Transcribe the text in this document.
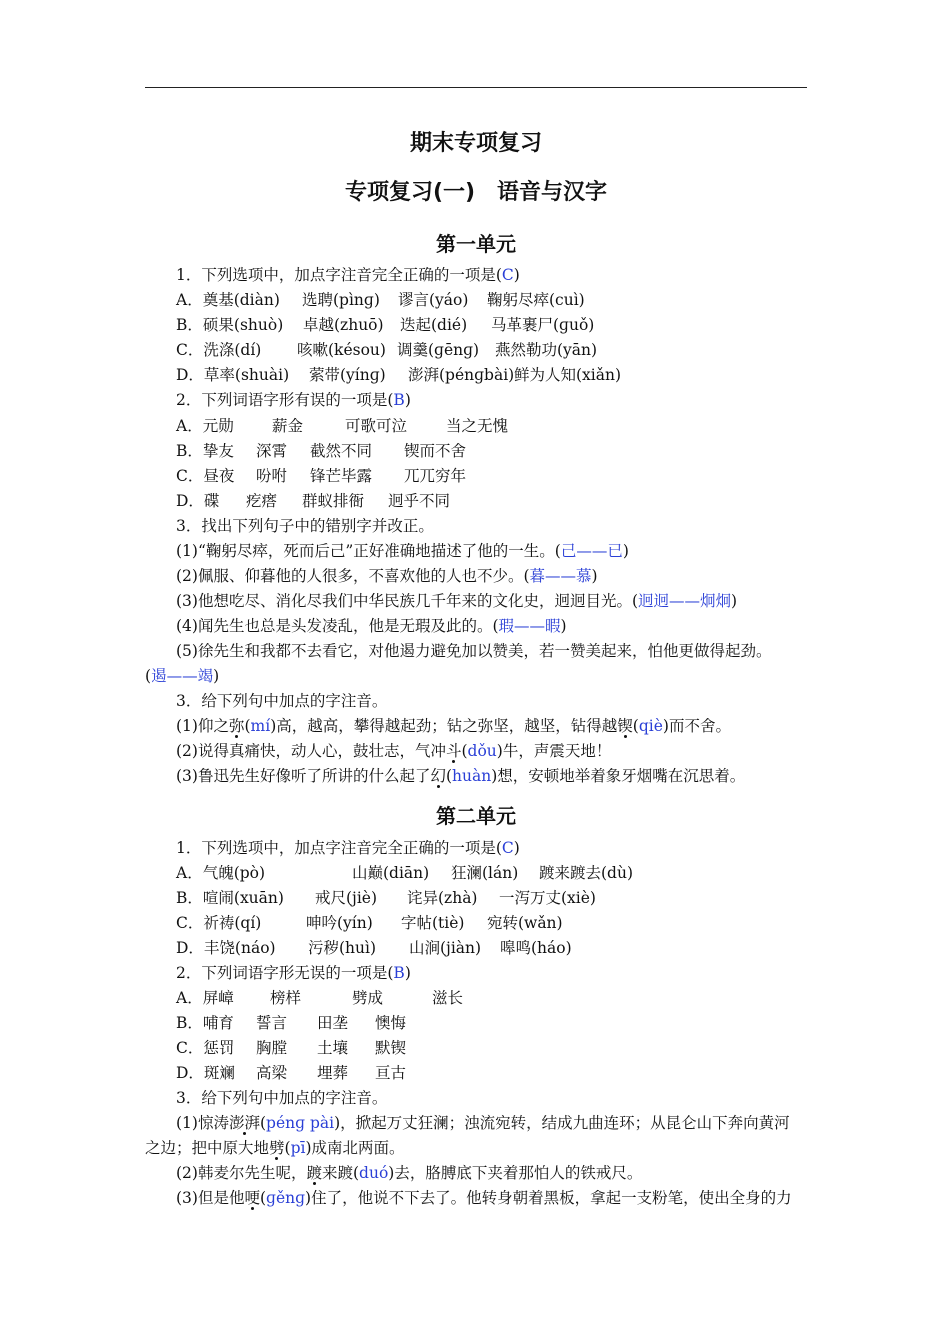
期末专项复习
专项复习(一)　语音与汉字
第一单元
1．下列选项中，加点字注音完全正确的一项是(C)
A．奠基(diàn) 选聘(pìnɡ) 谬言(yáo) 鞠躬尽瘁(cuì)
B．硕果(shuò) 卓越(zhuō) 迭起(dié) 马革裹尸(ɡuǒ)
C．洗涤(dí) 咳嗽(késou) 调羹(ɡēnɡ) 燕然勒功(yān)
D．草率(shuài) 萦带(yínɡ) 澎湃(pénɡbài)鲜为人知(xiǎn)
2．下列词语字形有误的一项是(B)
A．元勋 薪金	可歌可泣	当之无愧
B．挚友 深霄 截然不同 锲而不舍
C．昼夜 吩咐 锋芒毕露 兀兀穷年
D．碟 疙瘩 群蚁排衙 迥乎不同
3．找出下列句子中的错别字并改正。
(1)“鞠躬尽瘁，死而后己”正好准确地描述了他的一生。(己——已)
(2)佩服、仰暮他的人很多，不喜欢他的人也不少。(暮——慕)
(3)他想吃尽、消化尽我们中华民族几千年来的文化史，迥迥目光。(迥迥——炯炯)
(4)闻先生也总是头发凌乱，他是无瑕及此的。(瑕——暇)
(5)徐先生和我都不去看它，对他遏力避免加以赞美，若一赞美起来，怕他更做得起劲。
(遏——竭)
3．给下列句中加点的字注音。
(1)仰之弥(mí)高，越高，攀得越起劲；钻之弥坚，越坚，钻得越锲(qiè)而不舍。
(2)说得真痛快，动人心，鼓壮志，气冲斗(dǒu)牛，声震天地！
(3)鲁迅先生好像听了所讲的什么起了幻(huàn)想，安顿地举着象牙烟嘴在沉思着。
第二单元
1．下列选项中，加点字注音完全正确的一项是(C)
A．气魄(pò)	山巅(diān) 狂澜(lán) 踱来踱去(dù)
B．喧闹(xuān) 戒尺(jiè) 诧异(zhà) 一泻万丈(xiè)
C．祈祷(qí)	呻吟(yín) 字帖(tiè) 宛转(wǎn)
D．丰饶(náo) 污秽(huì) 山涧(jiàn) 嗥鸣(háo)
2．下列词语字形无误的一项是(B)
A．屏嶂 榜样	劈成	滋长
B．哺育 誓言 田垄 懊悔
C．惩罚 胸膛 土壤 默锲
D．斑斓 高梁 埋葬 亘古
3．给下列句中加点的字注音。
(1)惊涛澎湃(pénɡ pài)，掀起万丈狂澜；浊流宛转，结成九曲连环；从昆仑山下奔向黄河
之边；把中原大地劈(pī)成南北两面。
(2)韩麦尔先生呢，踱来踱(duó)去，胳膊底下夹着那怕人的铁戒尺。
(3)但是他哽(ɡěnɡ)住了，他说不下去了。他转身朝着黑板，拿起一支粉笔，使出全身的力
